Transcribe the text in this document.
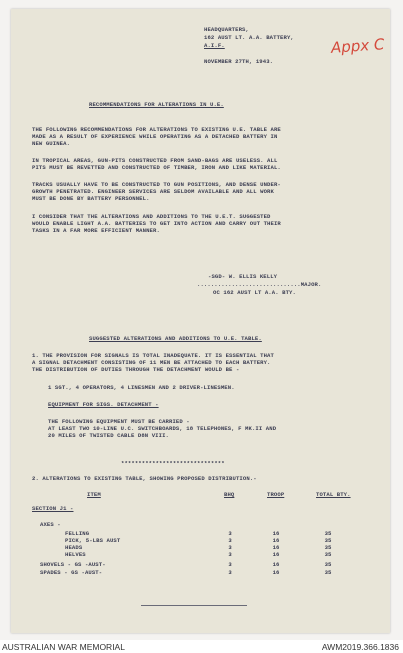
HEADQUARTERS,
162 AUST LT. A.A. BATTERY,
A.I.F.
NOVEMBER 27TH, 1943.
Appx C
RECOMMENDATIONS FOR ALTERATIONS IN U.E.
THE FOLLOWING RECOMMENDATIONS FOR ALTERATIONS TO EXISTING U.E. TABLE ARE
MADE AS A RESULT OF EXPERIENCE WHILE OPERATING AS A DETACHED BATTERY IN
NEW GUINEA.
IN TROPICAL AREAS, GUN-PITS CONSTRUCTED FROM SAND-BAGS ARE USELESS. ALL
PITS MUST BE REVETTED AND CONSTRUCTED OF TIMBER, IRON AND LIKE MATERIAL.
TRACKS USUALLY HAVE TO BE CONSTRUCTED TO GUN POSITIONS, AND DENSE UNDER-
GROWTH PENETRATED. ENGINEER SERVICES ARE SELDOM AVAILABLE AND ALL WORK
MUST BE DONE BY BATTERY PERSONNEL.
I CONSIDER THAT THE ALTERATIONS AND ADDITIONS TO THE U.E.T. SUGGESTED
WOULD ENABLE LIGHT A.A. BATTERIES TO GET INTO ACTION AND CARRY OUT THEIR
TASKS IN A FAR MORE EFFICIENT MANNER.
-SGD- W. ELLIS KELLY
..............................MAJOR.
OC 162 AUST LT A.A. BTY.
SUGGESTED ALTERATIONS AND ADDITIONS TO U.E. TABLE.
1. THE PROVISION FOR SIGNALS IS TOTAL INADEQUATE. IT IS ESSENTIAL THAT
A SIGNAL DETACHMENT CONSISTING OF 11 MEN BE ATTACHED TO EACH BATTERY.
THE DISTRIBUTION OF DUTIES THROUGH THE DETACHMENT WOULD BE -
1 SGT., 4 OPERATORS, 4 LINESMEN AND 2 DRIVER-LINESMEN.
EQUIPMENT FOR SIGS. DETACHMENT -
THE FOLLOWING EQUIPMENT MUST BE CARRIED -
AT LEAST TWO 10-LINE U.C. SWITCHBOARDS, 18 TELEPHONES, F MK.II AND
20 MILES OF TWISTED CABLE D8N VIII.
******************************
2. ALTERATIONS TO EXISTING TABLE, SHOWING PROPOSED DISTRIBUTION.-
ITEM	BHQ	TROOP	TOTAL BTY.
SECTION J1 -
AXES -
FELLING	3	16	35
PICK, 5-LBS AUST	3	16	35
HEADS	3	16	35
HELVES	3	16	35
SHOVELS - GS -AUST-	3	16	35
SPADES - GS -AUST-	3	16	35
AUSTRALIAN WAR MEMORIAL	AWM2019.366.1836
